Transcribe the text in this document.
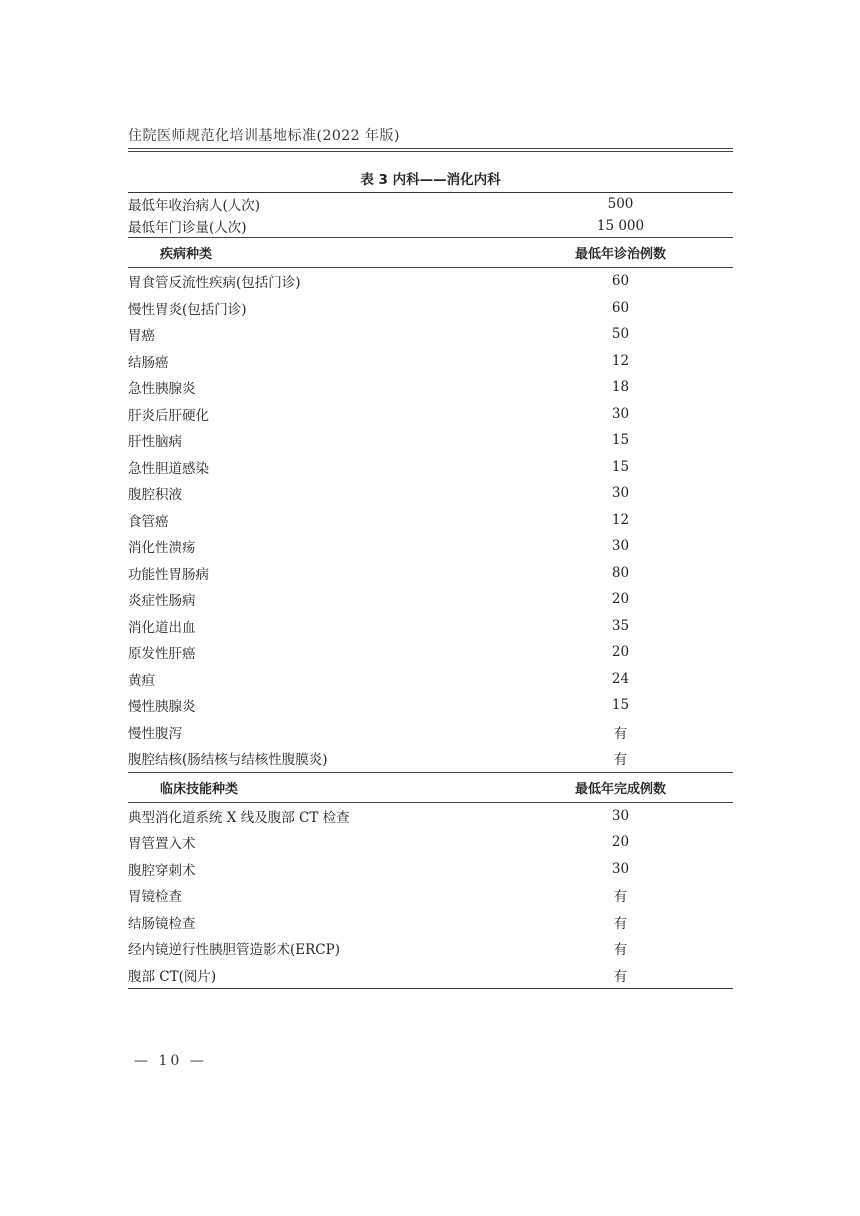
住院医师规范化培训基地标准(2022 年版)
表 3 内科——消化内科
最低年收治病人(人次)	500
最低年门诊量(人次)	15 000
疾病种类	最低年诊治例数
胃食管反流性疾病(包括门诊)	60
慢性胃炎(包括门诊)	60
胃癌	50
结肠癌	12
急性胰腺炎	18
肝炎后肝硬化	30
肝性脑病	15
急性胆道感染	15
腹腔积液	30
食管癌	12
消化性溃疡	30
功能性胃肠病	80
炎症性肠病	20
消化道出血	35
原发性肝癌	20
黄疸	24
慢性胰腺炎	15
慢性腹泻	有
腹腔结核(肠结核与结核性腹膜炎)	有
临床技能种类	最低年完成例数
典型消化道系统 X 线及腹部 CT 检查	30
胃管置入术	20
腹腔穿刺术	30
胃镜检查	有
结肠镜检查	有
经内镜逆行性胰胆管造影术(ERCP)	有
腹部 CT(阅片)	有
— 10 —
